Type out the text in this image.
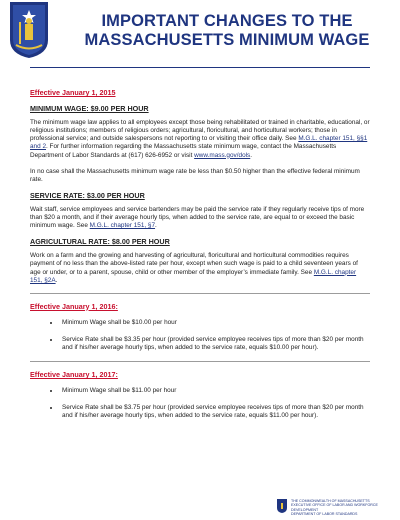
IMPORTANT CHANGES TO THE
MASSACHUSETTS MINIMUM WAGE
Effective January 1, 2015
MINIMUM WAGE: $9.00 PER HOUR

The minimum wage law applies to all employees except those being rehabilitated or trained in charitable, educational, or religious institutions; members of religious orders; agricultural, floricultural, and horticultural workers; those in professional service; and outside salespersons not reporting to or visiting their office daily. See M.G.L. chapter 151, §§1 and 2. For further information regarding the Massachusetts state minimum wage, contact the Massachusetts Department of Labor Standards at (617) 626-6952 or visit www.mass.gov/dols.

In no case shall the Massachusetts minimum wage rate be less than $0.50 higher than the effective federal minimum rate.

SERVICE RATE: $3.00 PER HOUR

Wait staff, service employees and service bartenders may be paid the service rate if they regularly receive tips of more than $20 a month, and if their average hourly tips, when added to the service rate, are equal to or exceed the basic minimum wage. See M.G.L. chapter 151, §7.

AGRICULTURAL RATE: $8.00 PER HOUR

Work on a farm and the growing and harvesting of agricultural, floricultural and horticultural commodities requires payment of no less than the above-listed rate per hour, except when such wage is paid to a child seventeen years of age or under, or to a parent, spouse, child or other member of the employer’s immediate family. See M.G.L. chapter 151, §2A.

Effective January 1, 2016:
• Minimum Wage shall be $10.00 per hour
• Service Rate shall be $3.35 per hour (provided service employee receives tips of more than $20 per month and if his/her average hourly tips, when added to the service rate, equals $10.00 per hour).
Effective January 1, 2017:
• Minimum Wage shall be $11.00 per hour
• Service Rate shall be $3.75 per hour (provided service employee receives tips of more than $20 per month and if his/her average hourly tips, when added to the service rate, equals $11.00 per hour).
THE COMMONWEALTH OF MASSACHUSETTS
EXECUTIVE OFFICE OF LABOR AND WORKFORCE DEVELOPMENT
DEPARTMENT OF LABOR STANDARDS
